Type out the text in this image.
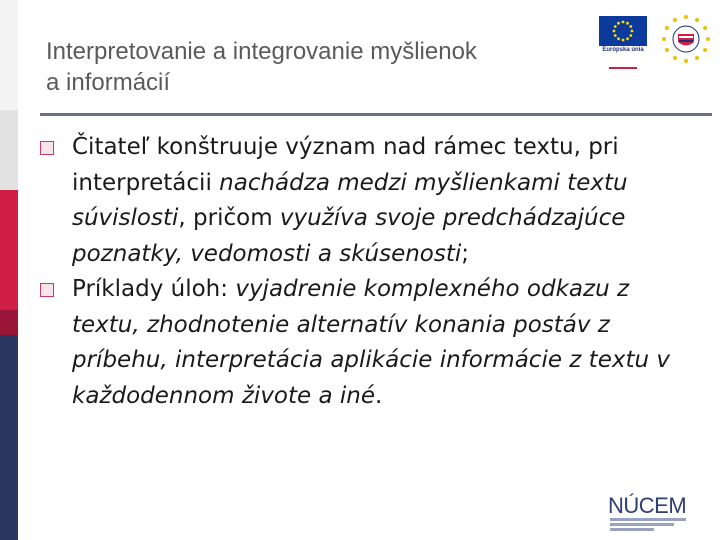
Interpretovanie a integrovanie myšlienok
a informácií
Európska únia

Čitateľ konštruuje význam nad rámec textu, pri interpretácii nachádza medzi myšlienkami textu súvislosti, pričom využíva svoje predchádzajúce poznatky, vedomosti a skúsenosti;

Príklady úloh: vyjadrenie komplexného odkazu z textu, zhodnotenie alternatív konania postáv z príbehu, interpretácia aplikácie informácie z textu v každodennom živote a iné.

NÚCEM
